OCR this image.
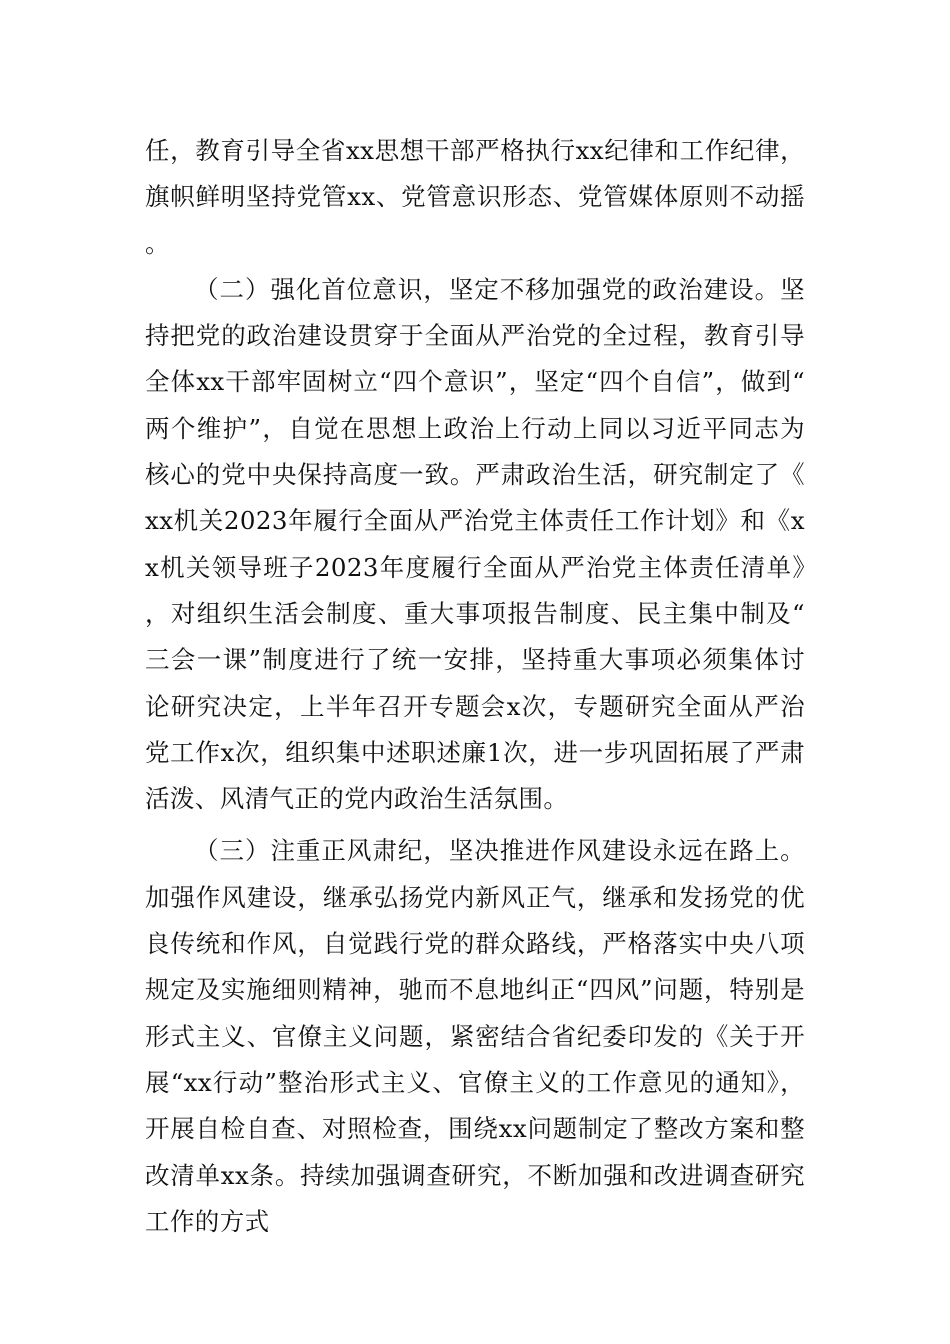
任，教育引导全省xx思想干部严格执行xx纪律和工作纪律，旗帜鲜明坚持党管xx、党管意识形态、党管媒体原则不动摇。

（二）强化首位意识，坚定不移加强党的政治建设。坚持把党的政治建设贯穿于全面从严治党的全过程，教育引导全体xx干部牢固树立“四个意识”，坚定“四个自信”，做到“两个维护”，自觉在思想上政治上行动上同以习近平同志为核心的党中央保持高度一致。严肃政治生活，研究制定了《xx机关2023年履行全面从严治党主体责任工作计划》和《xx机关领导班子2023年度履行全面从严治党主体责任清单》，对组织生活会制度、重大事项报告制度、民主集中制及“三会一课”制度进行了统一安排，坚持重大事项必须集体讨论研究决定，上半年召开专题会x次，专题研究全面从严治党工作x次，组织集中述职述廉1次，进一步巩固拓展了严肃活泼、风清气正的党内政治生活氛围。

（三）注重正风肃纪，坚决推进作风建设永远在路上。加强作风建设，继承弘扬党内新风正气，继承和发扬党的优良传统和作风，自觉践行党的群众路线，严格落实中央八项规定及实施细则精神，驰而不息地纠正“四风”问题，特别是形式主义、官僚主义问题，紧密结合省纪委印发的《关于开展“xx行动”整治形式主义、官僚主义的工作意见的通知》，开展自检自查、对照检查，围绕xx问题制定了整改方案和整改清单xx条。持续加强调查研究，不断加强和改进调查研究工作的方式
